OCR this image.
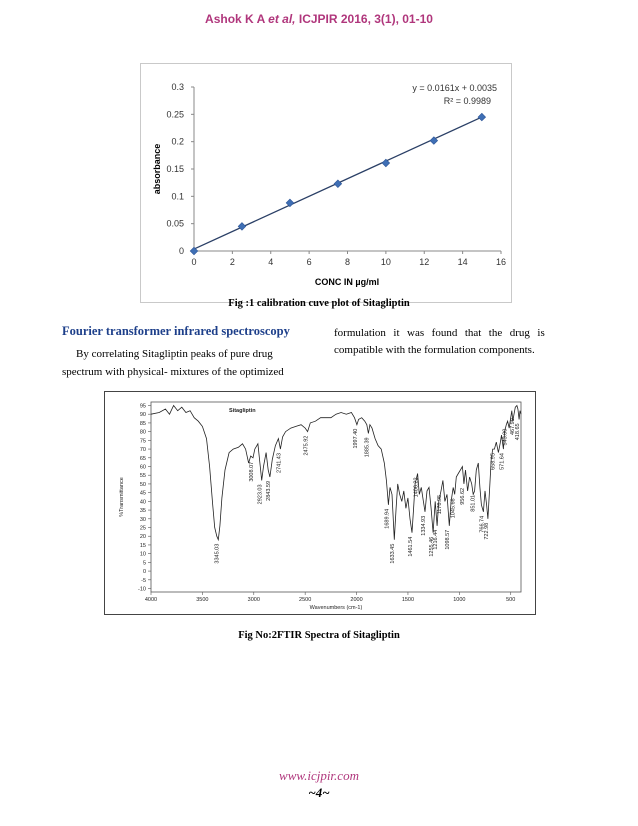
Ashok K A et al, ICJPIR 2016, 3(1), 01-10
0
0.05
0.1
0.15
0.2
0.25
0.3
0	2	4	6	8	10	12	14	16
y = 0.0161x + 0.0035
R² = 0.9989
CONC IN µg/ml
absorbance
Fig :1 calibration cuve plot of Sitagliptin
Fourier transformer infrared spectroscopy
By correlating Sitagliptin peaks of pure drug
spectrum with physical- mixtures of the optimized
formulation  it  was  found  that  the  drug  is
compatible with the formulation components.
95
90
85
80
75
70
65
60
55
50
45
40
35
30
25
20
15
10
5
0
-5
-10
4000	3500	3000	2500	2000	1500	1000	500
Wavenumbers (cm-1)
%Transmittance
Sitagliptin
3345.03
3008.07
2923.03 2843.59
2741.43
2475.92	1997.40 1885.39
1689.94
1633.45 1461.54
1406.22
1334.93
1255.46
1216.44
1178.95
1098.57
1045.66
956.62 851.01
766.74
722.98
658.95 571.64
543.00
467.99 418.65
Fig No:2FTIR Spectra of Sitagliptin
www.icjpir.com
~4~
